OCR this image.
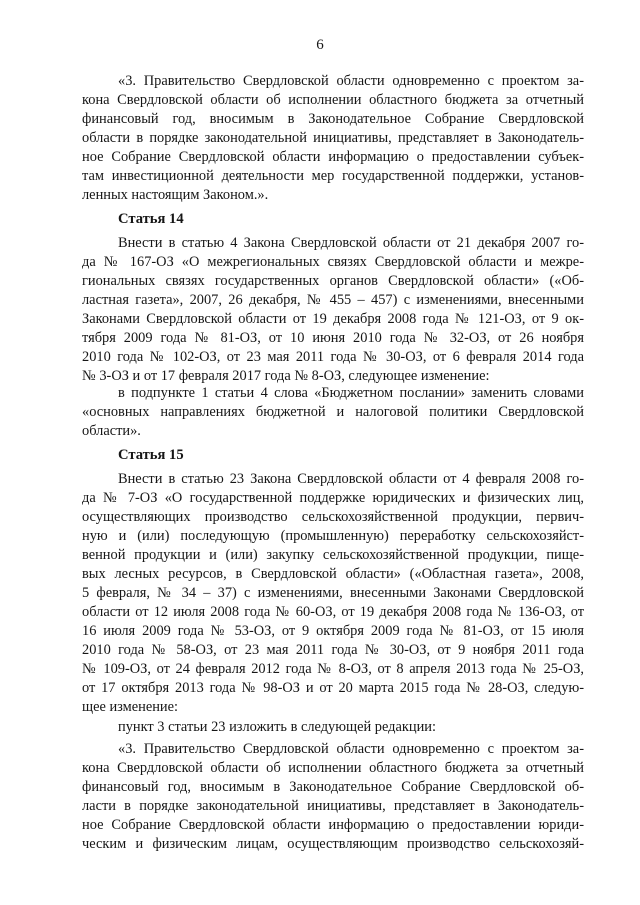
6
«3. Правительство Свердловской области одновременно с проектом за-
кона Свердловской области об исполнении областного бюджета за отчетный
финансовый год, вносимым в Законодательное Собрание Свердловской
области в порядке законодательной инициативы, представляет в Законодатель-
ное Собрание Свердловской области информацию о предоставлении субъек-
там инвестиционной деятельности мер государственной поддержки, установ-
ленных настоящим Законом.».
Статья 14
Внести в статью 4 Закона Свердловской области от 21 декабря 2007 го-
да № 167-ОЗ «О межрегиональных связях Свердловской области и межре-
гиональных связях государственных органов Свердловской области» («Об-
ластная газета», 2007, 26 декабря, № 455 – 457) с изменениями, внесенными
Законами Свердловской области от 19 декабря 2008 года № 121-ОЗ, от 9 ок-
тября 2009 года № 81-ОЗ, от 10 июня 2010 года № 32-ОЗ, от 26 ноября
2010 года № 102-ОЗ, от 23 мая 2011 года № 30-ОЗ, от 6 февраля 2014 года
№ 3-ОЗ и от 17 февраля 2017 года № 8-ОЗ, следующее изменение:
в подпункте 1 статьи 4 слова «Бюджетном послании» заменить словами
«основных направлениях бюджетной и налоговой политики Свердловской
области».
Статья 15
Внести в статью 23 Закона Свердловской области от 4 февраля 2008 го-
да № 7-ОЗ «О государственной поддержке юридических и физических лиц,
осуществляющих производство сельскохозяйственной продукции, первич-
ную и (или) последующую (промышленную) переработку сельскохозяйст-
венной продукции и (или) закупку сельскохозяйственной продукции, пище-
вых лесных ресурсов, в Свердловской области» («Областная газета», 2008,
5 февраля, № 34 – 37) с изменениями, внесенными Законами Свердловской
области от 12 июля 2008 года № 60-ОЗ, от 19 декабря 2008 года № 136-ОЗ, от
16 июля 2009 года № 53-ОЗ, от 9 октября 2009 года № 81-ОЗ, от 15 июля
2010 года № 58-ОЗ, от 23 мая 2011 года № 30-ОЗ, от 9 ноября 2011 года
№ 109-ОЗ, от 24 февраля 2012 года № 8-ОЗ, от 8 апреля 2013 года № 25-ОЗ,
от 17 октября 2013 года № 98-ОЗ и от 20 марта 2015 года № 28-ОЗ, следую-
щее изменение:
пункт 3 статьи 23 изложить в следующей редакции:
«3. Правительство Свердловской области одновременно с проектом за-
кона Свердловской области об исполнении областного бюджета за отчетный
финансовый год, вносимым в Законодательное Собрание Свердловской об-
ласти в порядке законодательной инициативы, представляет в Законодатель-
ное Собрание Свердловской области информацию о предоставлении юриди-
ческим и физическим лицам, осуществляющим производство сельскохозяй-
